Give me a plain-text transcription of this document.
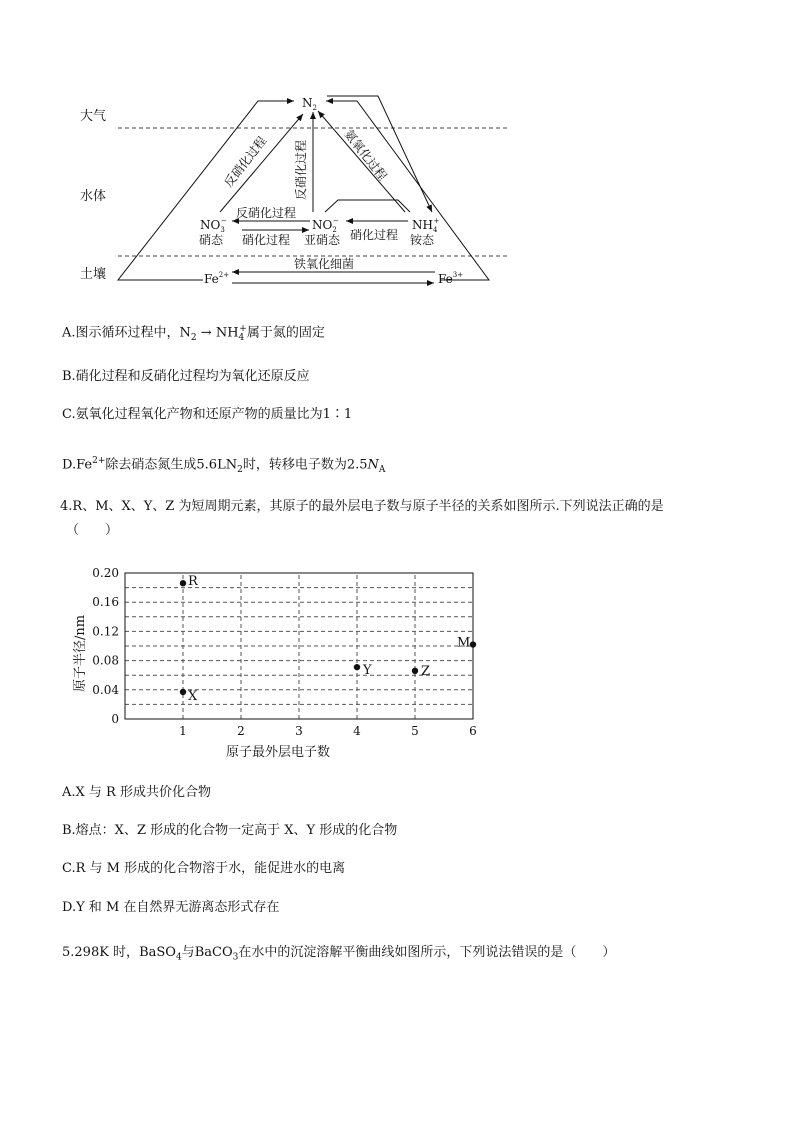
大气
水体
土壤
$N_2$
$NO_3-$
硝态
$NO_2-$
亚硝态
$NH_4+$
铵态
$Fe^{2+}$	$Fe^{3+}$
反硝化过程 反硝化过程	氨氧化过程
反硝化过程
硝化过程	硝化过程
铁氧化细菌
A.图示循环过程中，$N_2 \to NH_4^+$属于氮的固定
B.硝化过程和反硝化过程均为氧化还原反应
C.氨氧化过程氧化产物和还原产物的质量比为1∶1
$D.Fe^{2+}$除去硝态氮生成$5.6LN_2$时，转移电子数为$2.5N_A$
4.R、M、X、Y、Z 为短周期元素，其原子的最外层电子数与原子半径的关系如图所示.下列说法正确的是
（　　）
0
0.04
0.08
0.12
0.16
0.20
1	2	3	4	5	6
R
X
Y	Z
M
原子半径/nm
原子最外层电子数
A.X 与 R 形成共价化合物
B.熔点：X、Z 形成的化合物一定高于 X、Y 形成的化合物
C.R 与 M 形成的化合物溶于水，能促进水的电离
D.Y 和 M 在自然界无游离态形式存在
5.298K 时，BaSO$_4$与BaCO$_3$在水中的沉淀溶解平衡曲线如图所示，下列说法错误的是（　　）
